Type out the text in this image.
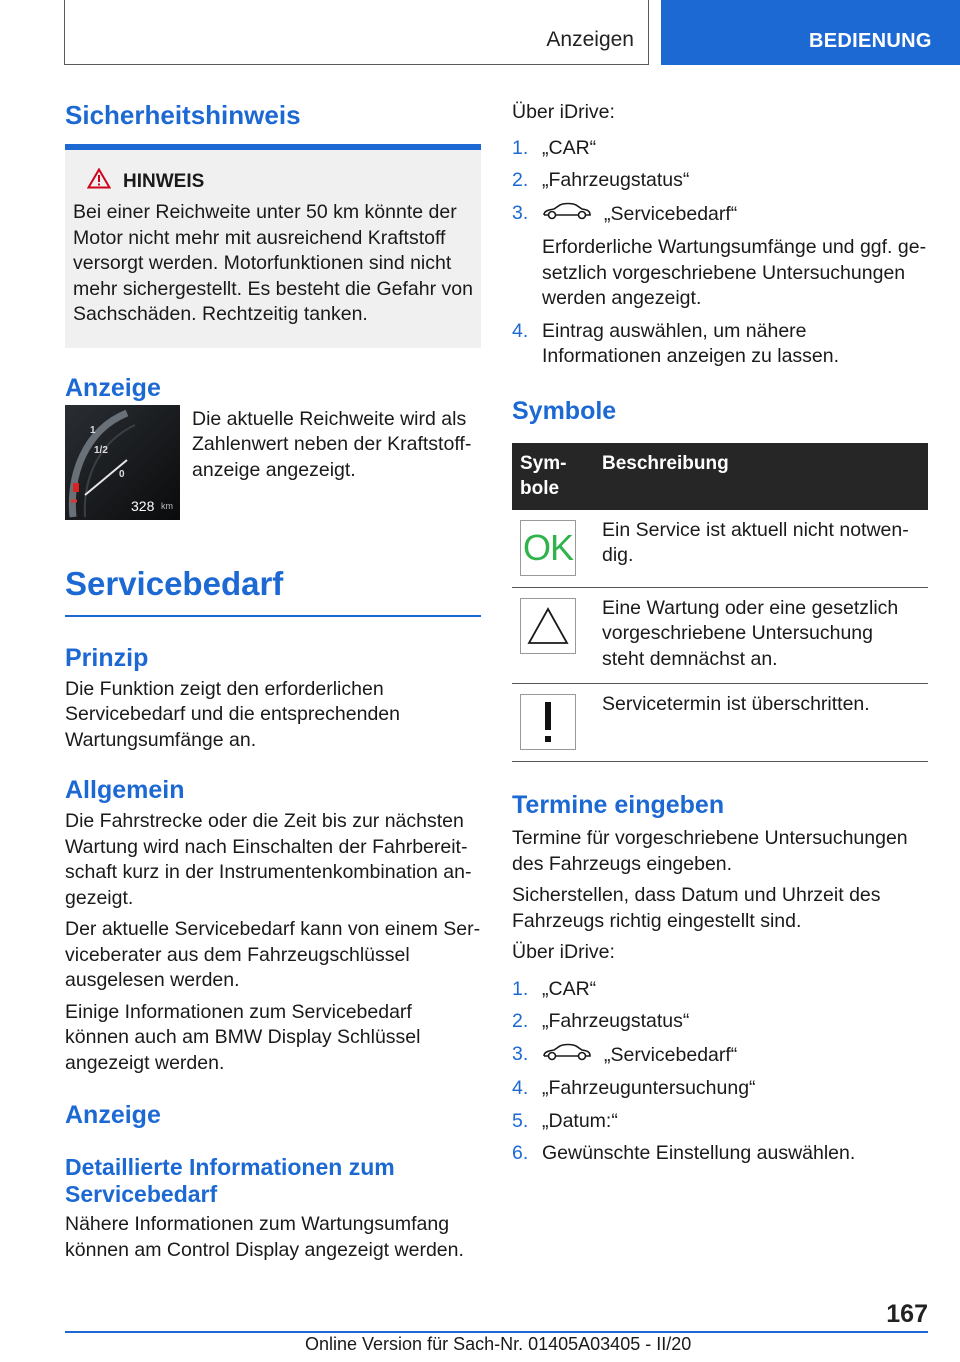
Anzeigen	BEDIENUNG
Sicherheitshinweis
HINWEIS

Bei einer Reichweite unter 50 km könnte der Motor nicht mehr mit ausreichend Kraftstoff versorgt werden. Motorfunktionen sind nicht mehr sichergestellt. Es besteht die Gefahr von Sachschäden. Rechtzeitig tanken.

Anzeige
1
1/2
0
328 km

Die aktuelle Reichweite wird als Zahlenwert neben der Kraftstoffanzeige angezeigt.

Servicebedarf
Prinzip

Die Funktion zeigt den erforderlichen Servicebedarf und die entsprechenden Wartungsumfänge an.

Allgemein

Die Fahrstrecke oder die Zeit bis zur nächsten Wartung wird nach Einschalten der Fahrbereitschaft kurz in der Instrumentenkombination angezeigt.

Der aktuelle Servicebedarf kann von einem Serviceberater aus dem Fahrzeugschlüssel ausgelesen werden.

Einige Informationen zum Servicebedarf können auch am BMW Display Schlüssel angezeigt werden.

Anzeige
Detaillierte Informationen zum Servicebedarf

Nähere Informationen zum Wartungsumfang können am Control Display angezeigt werden.

Über iDrive:

1. „CAR“
2. „Fahrzeugstatus“
3.	„Servicebedarf“
Erforderliche Wartungsumfänge und ggf. gesetzlich vorgeschriebene Untersuchungen werden angezeigt.
4. Eintrag auswählen, um nähere Informationen anzeigen zu lassen.
Symbole
Symbole	Beschreibung

OK	Ein Service ist aktuell nicht notwendig.

	Eine Wartung oder eine gesetzlich vorgeschriebene Untersuchung steht demnächst an.

	Servicetermin ist überschritten.
Termine eingeben

Termine für vorgeschriebene Untersuchungen des Fahrzeugs eingeben.

Sicherstellen, dass Datum und Uhrzeit des Fahrzeugs richtig eingestellt sind.

Über iDrive:

1. „CAR“
2. „Fahrzeugstatus“
3.	„Servicebedarf“
4. „Fahrzeuguntersuchung“
5. „Datum:“
6. Gewünschte Einstellung auswählen.
167
Online Version für Sach-Nr. 01405A03405 - II/20
